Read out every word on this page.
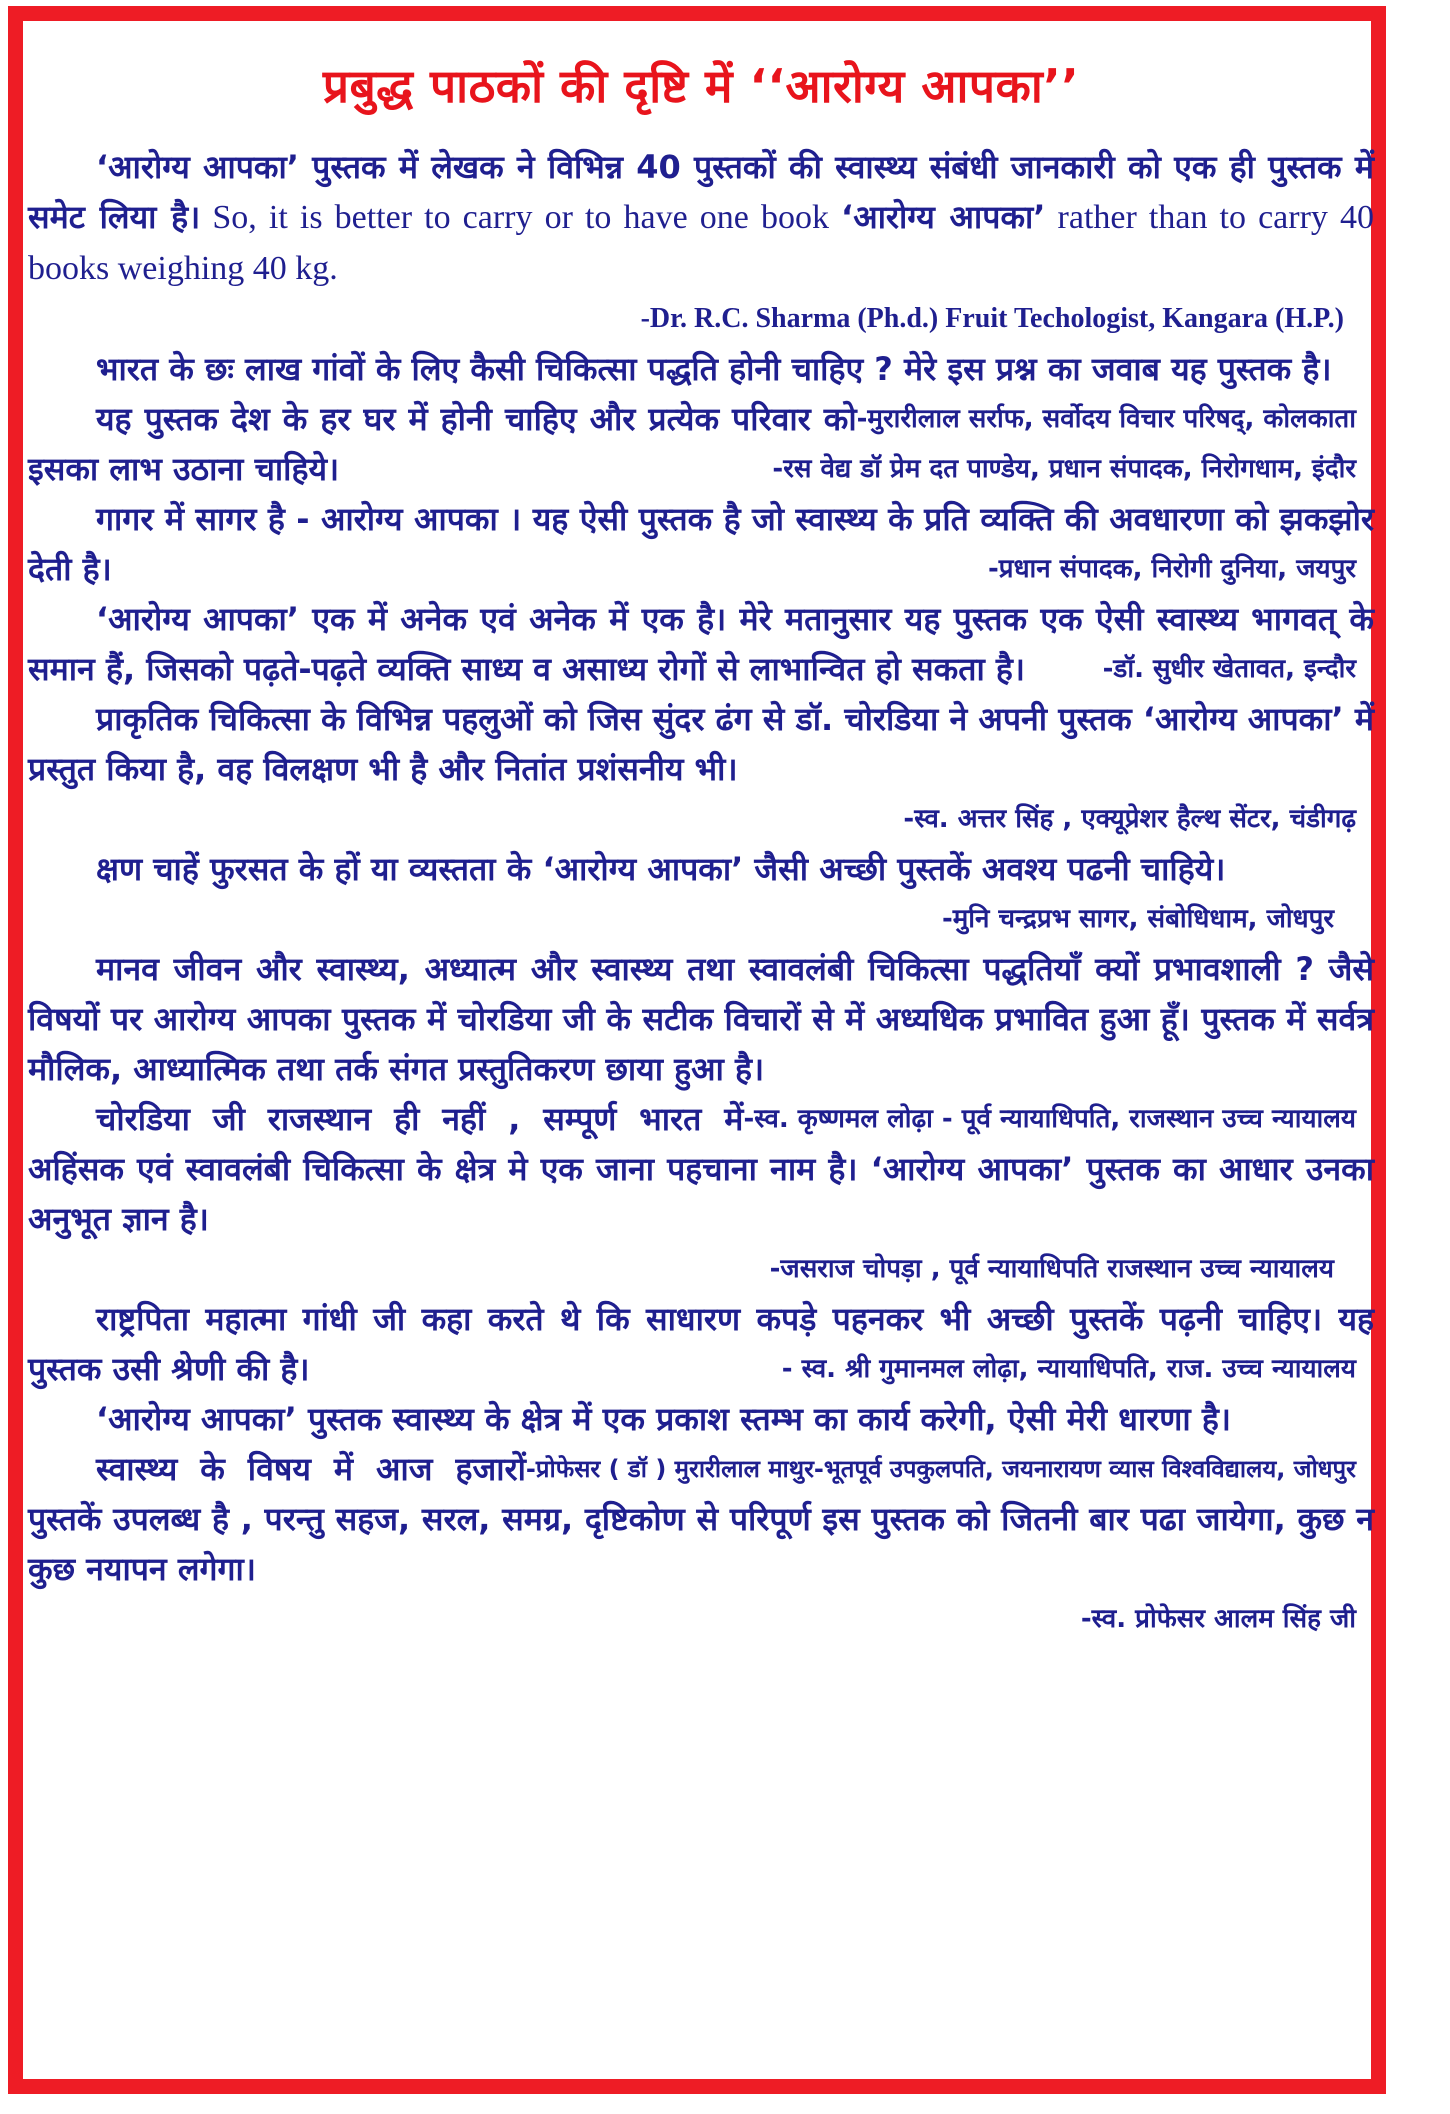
प्रबुद्ध पाठकों की दृष्टि में ‘‘आरोग्य आपका’’

‘आरोग्य आपका’ पुस्तक में लेखक ने विभिन्न 40 पुस्तकों की स्वास्थ्य संबंधी जानकारी को एक ही पुस्तक में समेट लिया है। So, it is better to carry or to have one book ‘आरोग्य आपका’ rather than to carry 40 books weighing 40 kg.

-Dr. R.C. Sharma (Ph.d.) Fruit Techologist, Kangara (H.P.)

भारत के छः लाख गांवों के लिए कैसी चिकित्सा पद्धति होनी चाहिए ? मेरे इस प्रश्न का जवाब यह पुस्तक है।
-मुरारीलाल सर्राफ, सर्वोदय विचार परिषद्, कोलकाता

यह पुस्तक देश के हर घर में होनी चाहिए और प्रत्येक परिवार को इसका लाभ उठाना चाहिये।	-रस वेद्य डॉ प्रेम दत पाण्डेय, प्रधान संपादक, निरोगधाम, इंदौर

गागर में सागर है - आरोग्य आपका । यह ऐसी पुस्तक है जो स्वास्थ्य के प्रति व्यक्ति की अवधारणा को झकझोर देती है।	-प्रधान संपादक, निरोगी दुनिया, जयपुर

‘आरोग्य आपका’ एक में अनेक एवं अनेक में एक है। मेरे मतानुसार यह पुस्तक एक ऐसी स्वास्थ्य भागवत् के समान हैं, जिसको पढ़ते-पढ़ते व्यक्ति साध्य व असाध्य रोगों से लाभान्वित हो सकता है।	-डॉ. सुधीर खेतावत, इन्दौर

प्राकृतिक चिकित्सा के विभिन्न पहलुओं को जिस सुंदर ढंग से डॉ. चोरडिया ने अपनी पुस्तक ‘आरोग्य आपका’ में प्रस्तुत किया है, वह विलक्षण भी है और नितांत प्रशंसनीय भी।

-स्व. अत्तर सिंह , एक्यूप्रेशर हैल्थ सेंटर, चंडीगढ़

क्षण चाहें फुरसत के हों या व्यस्तता के ‘आरोग्य आपका’ जैसी अच्छी पुस्तकें अवश्य पढनी चाहिये।

-मुनि चन्द्रप्रभ सागर, संबोधिधाम, जोधपुर

मानव जीवन और स्वास्थ्य, अध्यात्म और स्वास्थ्य तथा स्वावलंबी चिकित्सा पद्धतियाँ क्यों प्रभावशाली ? जैसे विषयों पर आरोग्य आपका पुस्तक में चोरडिया जी के सटीक विचारों से में अध्यधिक प्रभावित हुआ हूँ। पुस्तक में सर्वत्र मौलिक, आध्यात्मिक तथा तर्क संगत प्रस्तुतिकरण छाया हुआ है।
-स्व. कृष्णमल लोढ़ा - पूर्व न्यायाधिपति, राजस्थान उच्च न्यायालय

चोरडिया जी राजस्थान ही नहीं , सम्पूर्ण भारत में अहिंसक एवं स्वावलंबी चिकित्सा के क्षेत्र मे एक जाना पहचाना नाम है। ‘आरोग्य आपका’ पुस्तक का आधार उनका अनुभूत ज्ञान है।

-जसराज चोपड़ा , पूर्व न्यायाधिपति राजस्थान उच्च न्यायालय

राष्ट्रपिता महात्मा गांधी जी कहा करते थे कि साधारण कपड़े पहनकर भी अच्छी पुस्तकें पढ़नी चाहिए। यह पुस्तक उसी श्रेणी की है।	- स्व. श्री गुमानमल लोढ़ा, न्यायाधिपति, राज. उच्च न्यायालय

‘आरोग्य आपका’ पुस्तक स्वास्थ्य के क्षेत्र में एक प्रकाश स्तम्भ का कार्य करेगी, ऐसी मेरी धारणा है।
-प्रोफेसर ( डॉ ) मुरारीलाल माथुर-भूतपूर्व उपकुलपति, जयनारायण व्यास विश्वविद्यालय, जोधपुर

स्वास्थ्य के विषय में आज हजारों पुस्तकें उपलब्ध है , परन्तु सहज, सरल, समग्र, दृष्टिकोण से परिपूर्ण इस पुस्तक को जितनी बार पढा जायेगा, कुछ न कुछ नयापन लगेगा।

-स्व. प्रोफेसर आलम सिंह जी
